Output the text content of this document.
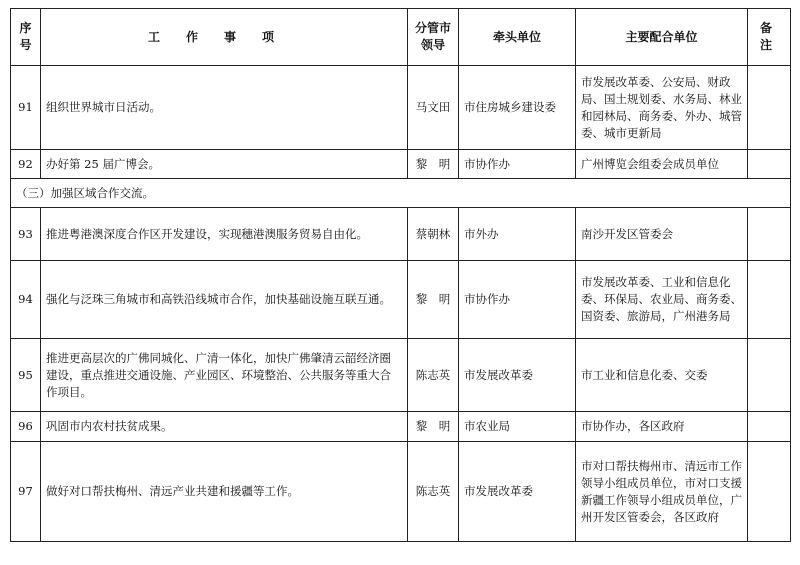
序号	工作事项	分管市领导	牵头单位	主要配合单位	备注
91	组织世界城市日活动。	马文田	市住房城乡建设委	市发展改革委、公安局、财政局、国土规划委、水务局、林业和园林局、商务委、外办、城管委、城市更新局	
92	办好第 25 届广博会。	黎　明	市协作办	广州博览会组委会成员单位	
（三）加强区域合作交流。					
93	推进粤港澳深度合作区开发建设，实现穗港澳服务贸易自由化。	蔡朝林	市外办	南沙开发区管委会	
94	强化与泛珠三角城市和高铁沿线城市合作，加快基础设施互联互通。	黎　明	市协作办	市发展改革委、工业和信息化委、环保局、农业局、商务委、国资委、旅游局，广州港务局	
95	推进更高层次的广佛同城化、广清一体化，加快广佛肇清云韶经济圈建设，重点推进交通设施、产业园区、环境整治、公共服务等重大合作项目。	陈志英	市发展改革委	市工业和信息化委、交委	
96	巩固市内农村扶贫成果。	黎　明	市农业局	市协作办，各区政府	
97	做好对口帮扶梅州、清远产业共建和援疆等工作。	陈志英	市发展改革委	市对口帮扶梅州市、清远市工作领导小组成员单位，市对口支援新疆工作领导小组成员单位，广州开发区管委会，各区政府	
